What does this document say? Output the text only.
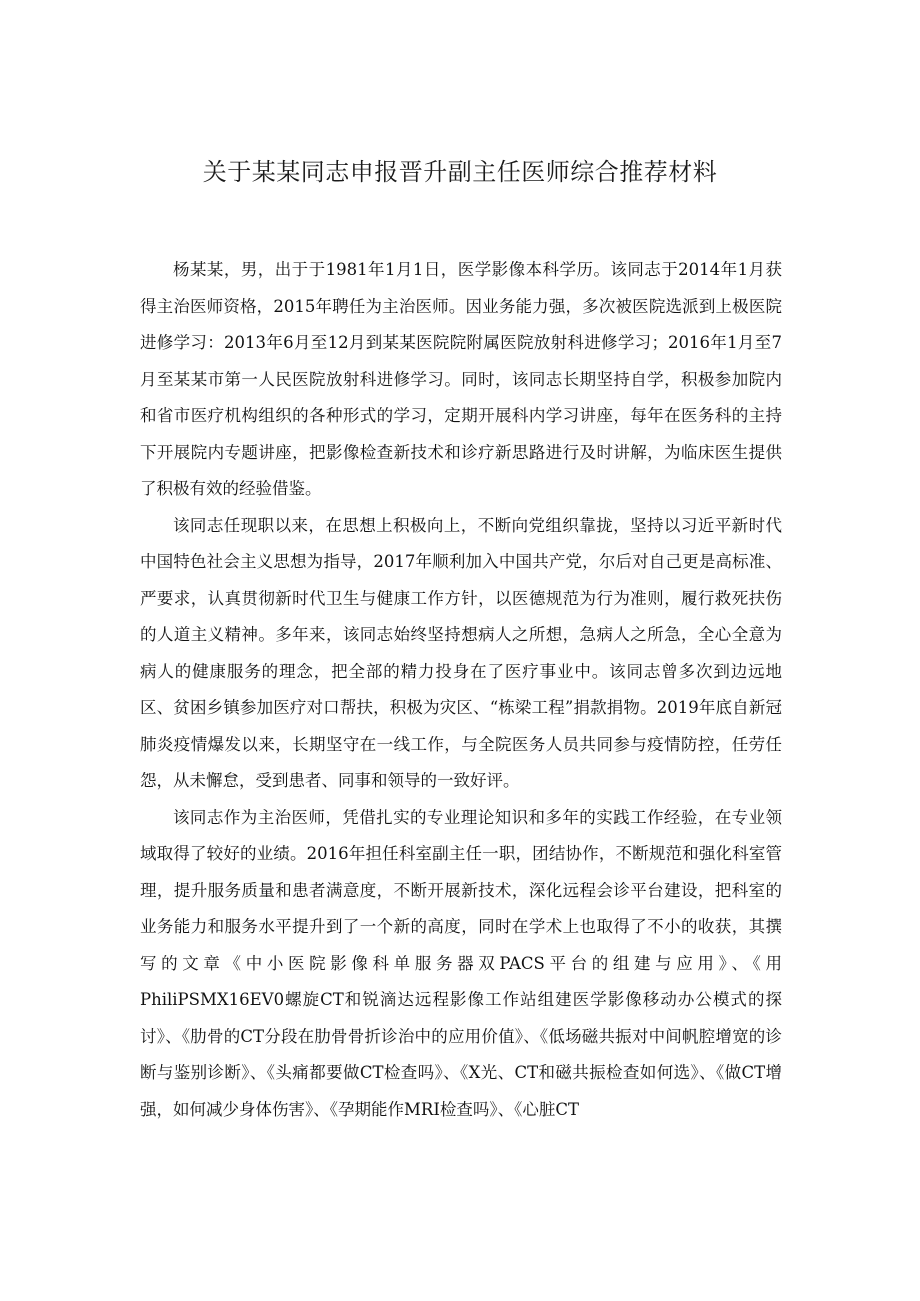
关于某某同志申报晋升副主任医师综合推荐材料

杨某某，男，出于于1981年1月1日，医学影像本科学历。该同志于2014年1月获得主治医师资格，2015年聘任为主治医师。因业务能力强，多次被医院选派到上极医院进修学习：2013年6月至12月到某某医院院附属医院放射科进修学习；2016年1月至7月至某某市第一人民医院放射科进修学习。同时，该同志长期坚持自学，积极参加院内和省市医疗机构组织的各种形式的学习，定期开展科内学习讲座，每年在医务科的主持下开展院内专题讲座，把影像检查新技术和诊疗新思路进行及时讲解，为临床医生提供了积极有效的经验借鉴。

该同志任现职以来，在思想上积极向上，不断向党组织靠拢，坚持以习近平新时代中国特色社会主义思想为指导，2017年顺利加入中国共产党，尔后对自己更是高标准、严要求，认真贯彻新时代卫生与健康工作方针，以医德规范为行为准则，履行救死扶伤的人道主义精神。多年来，该同志始终坚持想病人之所想，急病人之所急，全心全意为病人的健康服务的理念，把全部的精力投身在了医疗事业中。该同志曾多次到边远地区、贫困乡镇参加医疗对口帮扶，积极为灾区、“栋梁工程”捐款捐物。2019年底自新冠肺炎疫情爆发以来，长期坚守在一线工作，与全院医务人员共同参与疫情防控，任劳任怨，从未懈怠，受到患者、同事和领导的一致好评。

该同志作为主治医师，凭借扎实的专业理论知识和多年的实践工作经验，在专业领域取得了较好的业绩。2016年担任科室副主任一职，团结协作，不断规范和强化科室管理，提升服务质量和患者满意度，不断开展新技术，深化远程会诊平台建设，把科室的业务能力和服务水平提升到了一个新的高度，同时在学术上也取得了不小的收获，其撰写的文章《中小医院影像科单服务器双PACS平台的组建与应用》、《用PhiliPSMX16EV0螺旋CT和锐滴达远程影像工作站组建医学影像移动办公模式的探讨》、《肋骨的CT分段在肋骨骨折诊治中的应用价值》、《低场磁共振对中间帆腔增宽的诊断与鉴别诊断》、《头痛都要做CT检查吗》、《X光、CT和磁共振检查如何选》、《做CT增强，如何减少身体伤害》、《孕期能作MRI检查吗》、《心脏CT
